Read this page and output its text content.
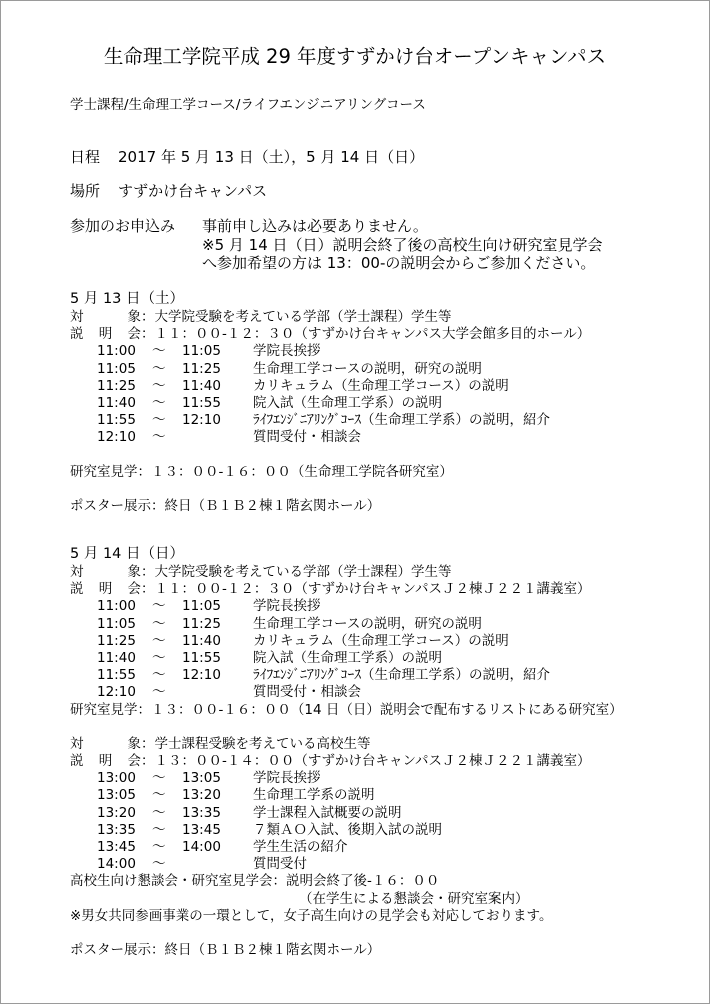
生命理工学院平成 29 年度すずかけ台オープンキャンパス
学士課程/生命理工学コース/ライフエンジニアリングコース
日程 2017 年 5 月 13 日（土），5 月 14 日（日）
場所 すずかけ台キャンパス
参加のお申込み 事前申し込みは必要ありません。
※5 月 14 日（日）説明会終了後の高校生向け研究室見学会
へ参加希望の方は 13：00-の説明会からご参加ください。
5 月 13 日（土）
対象：大学院受験を考えている学部（学士課程）学生等
説明会：１１：００-１２：３０（すずかけ台キャンパス大学会館多目的ホール）
11:00 ～ 11:05 学院長挨拶
11:05 ～ 11:25 生命理工学コースの説明，研究の説明
11:25 ～ 11:40 カリキュラム（生命理工学コース）の説明
11:40 ～ 11:55 院入試（生命理工学系）の説明
11:55 ～ 12:10 ﾗｲﾌｴﾝｼﾞﾆｱﾘﾝｸﾞｺｰｽ（生命理工学系）の説明，紹介
12:10 ～	質問受付・相談会
研究室見学：１３：００-１６：００（生命理工学院各研究室）
ポスター展示：終日（Ｂ１Ｂ２棟１階玄関ホール）
5 月 14 日（日）
対象：大学院受験を考えている学部（学士課程）学生等
説明会：１１：００-１２：３０（すずかけ台キャンパスＪ２棟Ｊ２２１講義室）
11:00 ～ 11:05 学院長挨拶
11:05 ～ 11:25 生命理工学コースの説明，研究の説明
11:25 ～ 11:40 カリキュラム（生命理工学コース）の説明
11:40 ～ 11:55 院入試（生命理工学系）の説明
11:55 ～ 12:10 ﾗｲﾌｴﾝｼﾞﾆｱﾘﾝｸﾞｺｰｽ（生命理工学系）の説明，紹介
12:10 ～	質問受付・相談会
研究室見学：１３：００-１６：００（14 日（日）説明会で配布するリストにある研究室）
対象：学士課程受験を考えている高校生等
説明会：１３：００-１４：００（すずかけ台キャンパスＪ２棟Ｊ２２１講義室）
13:00 ～ 13:05 学院長挨拶
13:05 ～ 13:20 生命理工学系の説明
13:20 ～ 13:35 学士課程入試概要の説明
13:35 ～ 13:45 ７類ＡＯ入試、後期入試の説明
13:45 ～ 14:00 学生生活の紹介
14:00 ～	質問受付
高校生向け懇談会・研究室見学会：説明会終了後-１６：００
（在学生による懇談会・研究室案内）
※男女共同参画事業の一環として，女子高生向けの見学会も対応しております。
ポスター展示：終日（Ｂ１Ｂ２棟１階玄関ホール）
